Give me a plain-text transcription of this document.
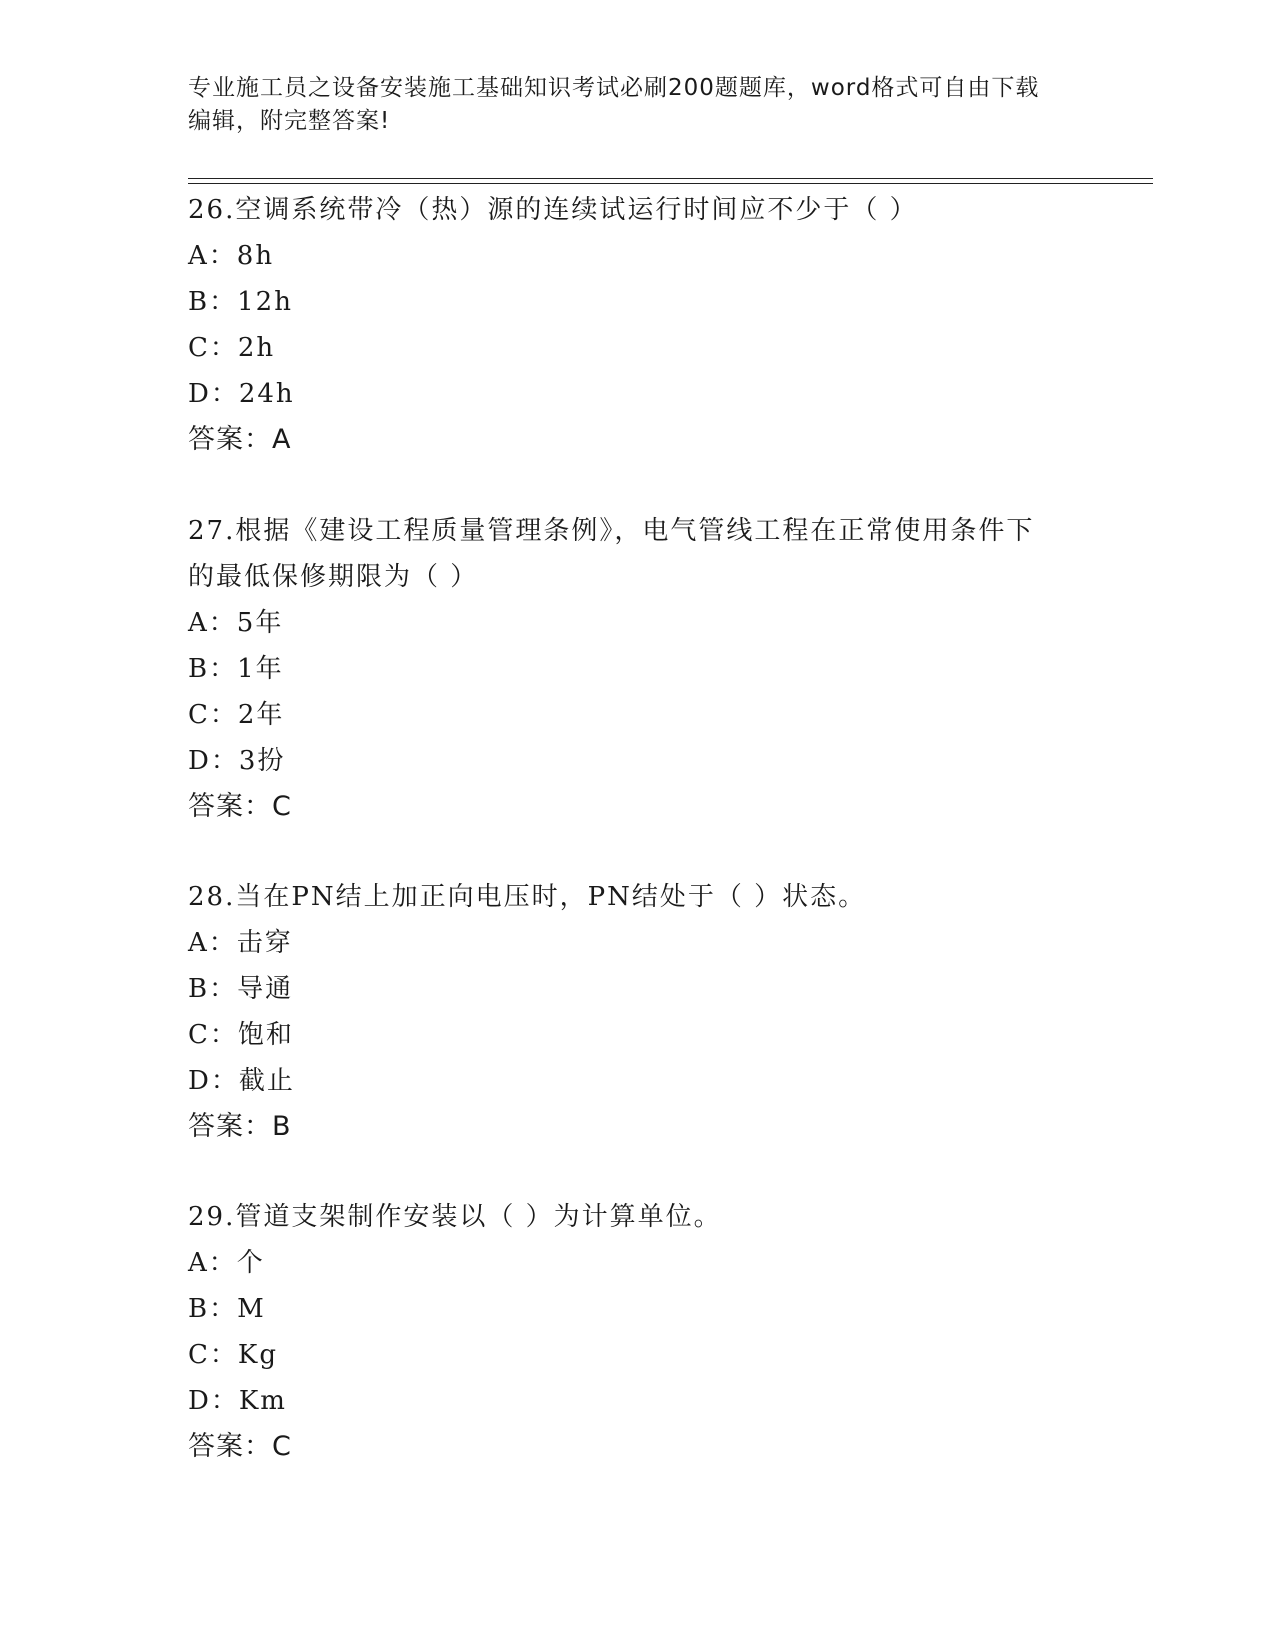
专业施工员之设备安装施工基础知识考试必刷200题题库，word格式可自由下载
编辑，附完整答案!
26.空调系统带冷（热）源的连续试运行时间应不少于（ ）
A：8h
B：12h
C：2h
D：24h
答案：A
27.根据《建设工程质量管理条例》，电气管线工程在正常使用条件下
的最低保修期限为（ ）
A：5年
B：1年
C：2年
D：3扮
答案：C
28.当在PN结上加正向电压时，PN结处于（ ）状态。
A：击穿
B：导通
C：饱和
D：截止
答案：B
29.管道支架制作安装以（ ）为计算单位。
A：个
B：M
C：Kg
D：Km
答案：C
